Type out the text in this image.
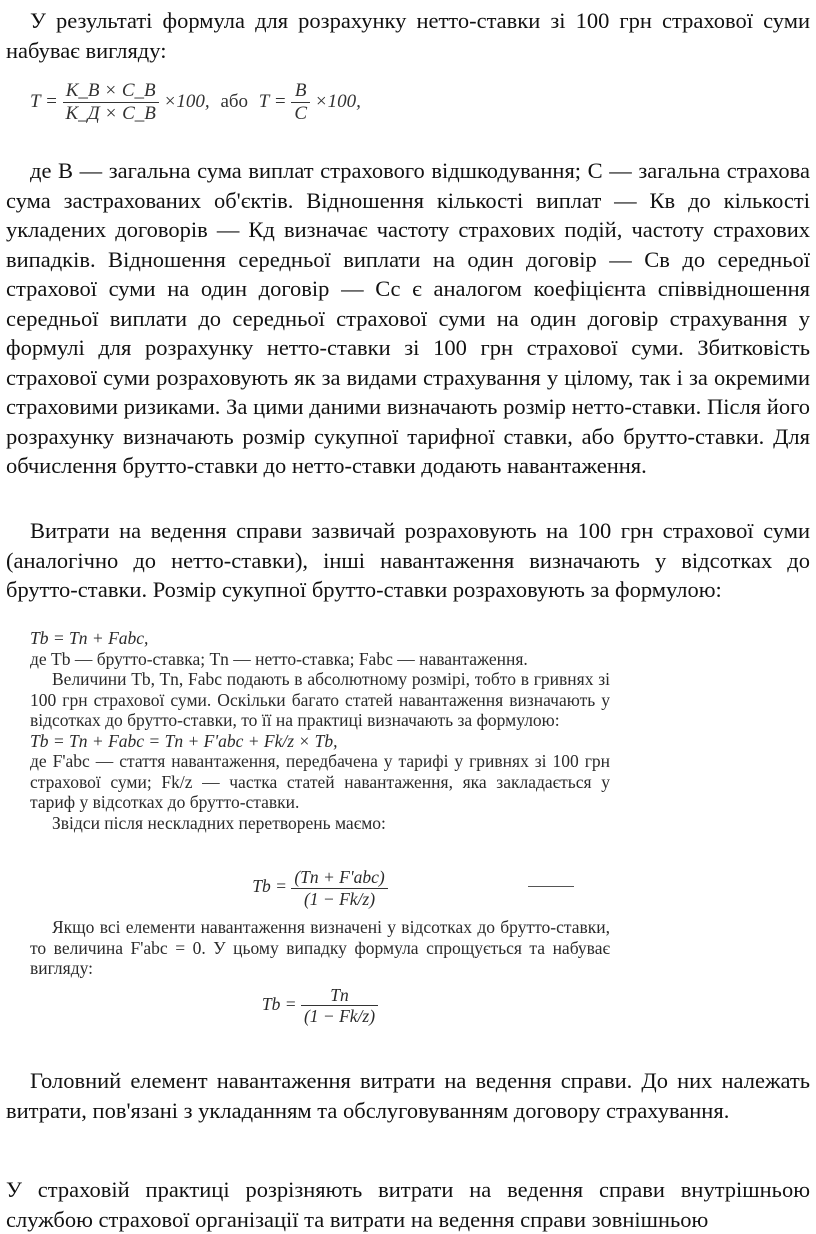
У результаті формула для розрахунку нетто-ставки зі 100 грн страхової суми набуває вигляду:

$T = \frac{К\_В \times С\_В}{К\_Д \times С\_В} \times 100$, або $T = \frac{B}{C} \times 100$,

де В — загальна сума виплат страхового відшкодування; С — загальна страхова сума застрахованих об'єктів. Відношення кількості виплат — Кв до кількості укладених договорів — Кд визначає частоту страхових подій, частоту страхових випадків. Відношення середньої виплати на один договір — Св до середньої страхової суми на один договір — Сс є аналогом коефіцієнта співвідношення середньої виплати до середньої страхової суми на один договір страхування у формулі для розрахунку нетто-ставки зі 100 грн страхової суми. Збитковість страхової суми розраховують як за видами страхування у цілому, так і за окремими страховими ризиками. За цими даними визначають розмір нетто-ставки. Після його розрахунку визначають розмір сукупної тарифної ставки, або брутто-ставки. Для обчислення брутто-ставки до нетто-ставки додають навантаження.

Витрати на ведення справи зазвичай розраховують на 100 грн страхової суми (аналогічно до нетто-ставки), інші навантаження визначають у відсотках до брутто-ставки. Розмір сукупної брутто-ставки розраховують за формулою:

Tb = Tn + Fabc,

де Tb — брутто-ставка; Tn — нетто-ставка; Fabc — навантаження.

Величини Tb, Tn, Fabc подають в абсолютному розмірі, тобто в гривнях зі 100 грн страхової суми. Оскільки багато статей навантаження визначають у відсотках до брутто-ставки, то її на практиці визначають за формулою:

Tb = Tn + Fabc = Tn + F'abc + Fk/z × Tb,

де F'abc — стаття навантаження, передбачена у тарифі у гривнях зі 100 грн страхової суми; Fk/z — частка статей навантаження, яка закладається у тариф у відсотках до брутто-ставки.

Звідси після нескладних перетворень маємо:

$Tb = \frac{\text{(Tn + F'abc)}}{(1 - Fk/z)}$

Якщо всі елементи навантаження визначені у відсотках до брутто-ставки, то величина F'abc = 0. У цьому випадку формула спрощується та набуває вигляду:

$Tb = \frac{Tn}{(1 - Fk/z)}$

Головний елемент навантаження витрати на ведення справи. До них належать витрати, пов'язані з укладанням та обслуговуванням договору страхування.

У страховій практиці розрізняють витрати на ведення справи внутрішньою службою страхової організації та витрати на ведення справи зовнішньою
